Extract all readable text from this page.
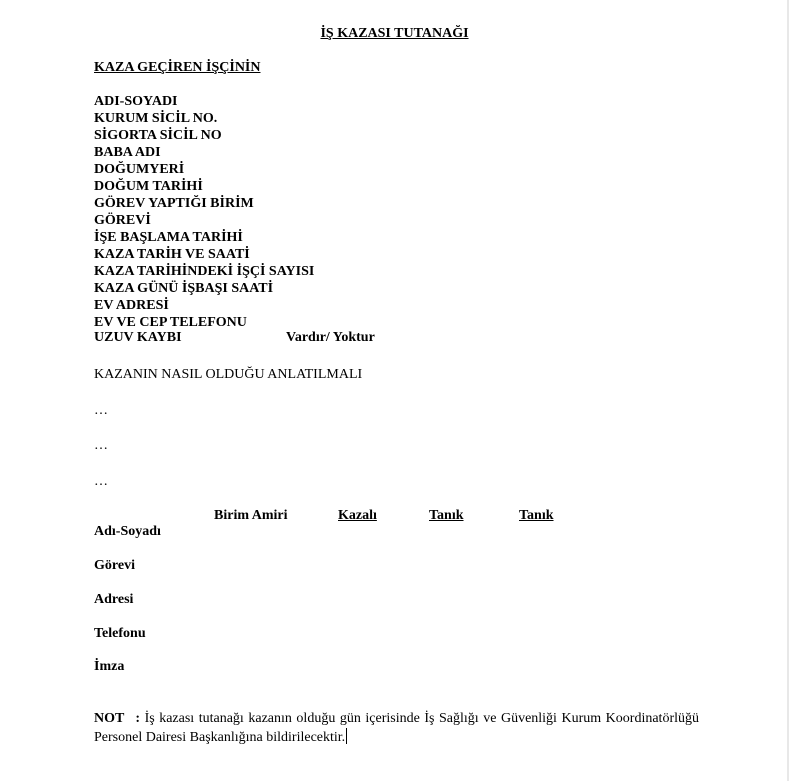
İŞ KAZASI TUTANAĞI
KAZA GEÇİREN İŞÇİNİN
ADI-SOYADI
KURUM SİCİL NO.
SİGORTA SİCİL NO
BABA ADI
DOĞUMYERİ
DOĞUM TARİHİ
GÖREV YAPTIĞI BİRİM
GÖREVİ
İŞE BAŞLAMA TARİHİ
KAZA TARİH VE SAATİ
KAZA TARİHİNDEKİ İŞÇİ SAYISI
KAZA GÜNÜ İŞBAŞI SAATİ
EV ADRESİ
EV VE CEP TELEFONU
UZUV KAYBI	Vardır/ Yoktur
KAZANIN NASIL OLDUĞU ANLATILMALI
…
…
…
Birim Amiri	Kazalı	Tanık	Tanık
Adı-Soyadı
Görevi
Adresi
Telefonu
İmza
NOT : İş kazası tutanağı kazanın olduğu gün içerisinde İş Sağlığı ve Güvenliği Kurum Koordinatörlüğü Personel Dairesi Başkanlığına bildirilecektir.
